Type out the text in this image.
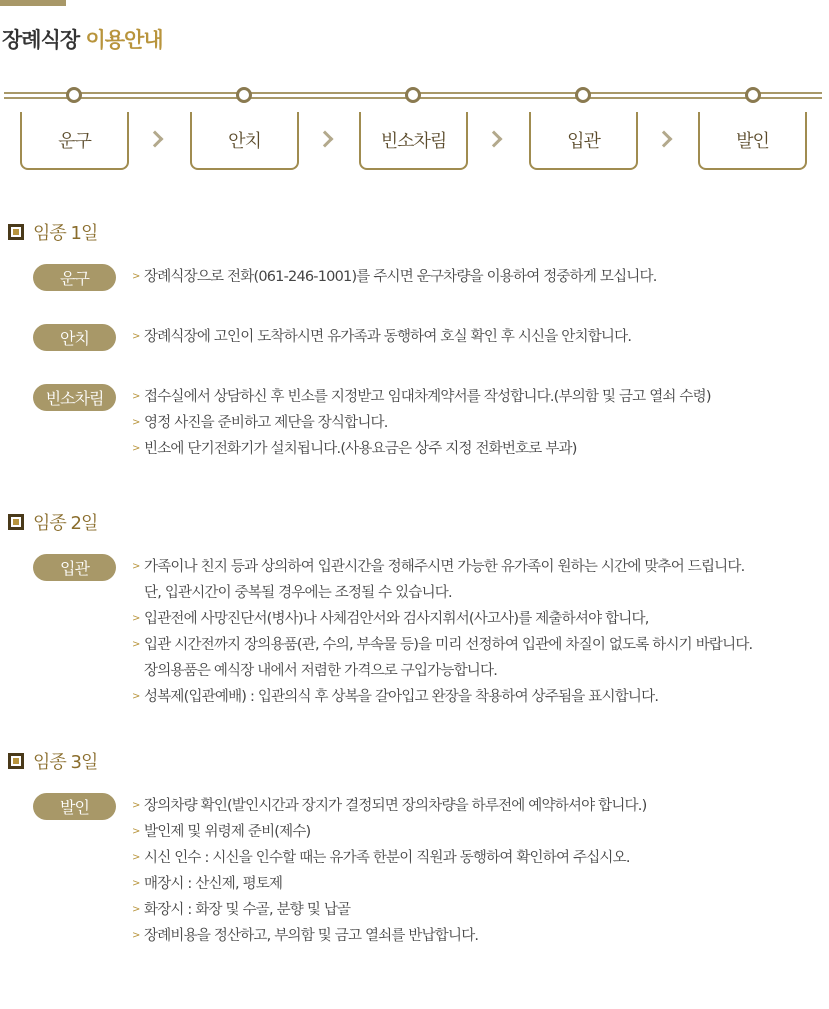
장례식장 이용안내
운구	안치	빈소차림	입관	발인
임종 1일
운구	> 장례식장으로 전화(061-246-1001)를 주시면 운구차량을 이용하여 정중하게 모십니다.
안치	> 장례식장에 고인이 도착하시면 유가족과 동행하여 호실 확인 후 시신을 안치합니다.
빈소차림	> 접수실에서 상담하신 후 빈소를 지정받고 임대차계약서를 작성합니다.(부의함 및 금고 열쇠 수령)
> 영정 사진을 준비하고 제단을 장식합니다.
> 빈소에 단기전화기가 설치됩니다.(사용요금은 상주 지정 전화번호로 부과)
임종 2일
입관	> 가족이나 친지 등과 상의하여 입관시간을 정해주시면 가능한 유가족이 원하는 시간에 맞추어 드립니다.
단, 입관시간이 중복될 경우에는 조정될 수 있습니다.
> 입관전에 사망진단서(병사)나 사체검안서와 검사지휘서(사고사)를 제출하셔야 합니다,
> 입관 시간전까지 장의용품(관, 수의, 부속물 등)을 미리 선정하여 입관에 차질이 없도록 하시기 바랍니다.
장의용품은 예식장 내에서 저렴한 가격으로 구입가능합니다.
> 성복제(입관예배) : 입관의식 후 상복을 갈아입고 완장을 착용하여 상주됨을 표시합니다.
임종 3일
발인	> 장의차량 확인(발인시간과 장지가 결정되면 장의차량을 하루전에 예약하셔야 합니다.)
> 발인제 및 위령제 준비(제수)
> 시신 인수 : 시신을 인수할 때는 유가족 한분이 직원과 동행하여 확인하여 주십시오.
> 매장시 : 산신제, 평토제
> 화장시 : 화장 및 수골, 분향 및 납골
> 장례비용을 정산하고, 부의함 및 금고 열쇠를 반납합니다.
